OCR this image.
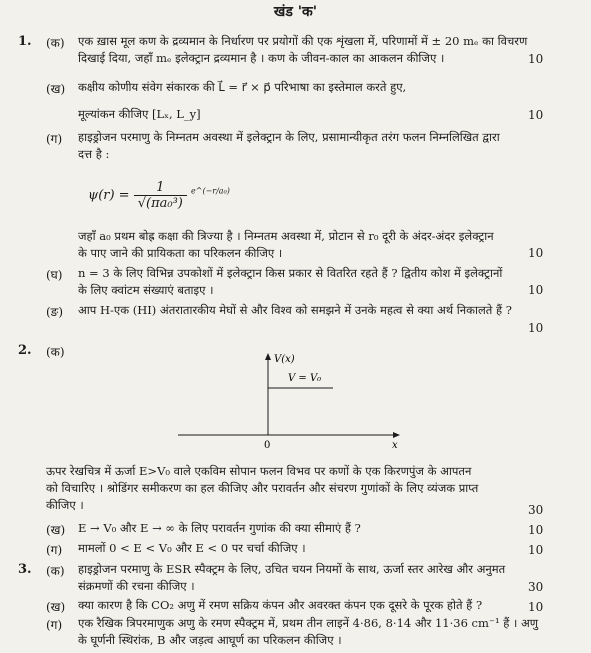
खंड 'क'
1. (क) एक ख़ास मूल कण के द्रव्यमान के निर्धारण पर प्रयोगों की एक शृंखला में, परिणामों में ± 20 mₑ का विचरण
दिखाई दिया, जहाँ mₑ इलेक्ट्रान द्रव्यमान है । कण के जीवन-काल का आकलन कीजिए ।	10
(ख) कक्षीय कोणीय संवेग संकारक की L⃗ = r⃗ × p⃗ परिभाषा का इस्तेमाल करते हुए,
मूल्यांकन कीजिए [Lₓ, L_y]	10
(ग) हाइड्रोजन परमाणु के निम्नतम अवस्था में इलेक्ट्रान के लिए, प्रसामान्यीकृत तरंग फलन निम्नलिखित द्वारा
दत्त है :
$\psi(r) = \frac{1}{\text{√(πa₀³)}} ^{e\^{}(-r/a_0)}$
जहाँ a₀ प्रथम बोह्र कक्षा की त्रिज्या है । निम्नतम अवस्था में, प्रोटान से r₀ दूरी के अंदर-अंदर इलेक्ट्रान
के पाए जाने की प्रायिकता का परिकलन कीजिए ।	10
(घ) n = 3 के लिए विभिन्न उपकोशों में इलेक्ट्रान किस प्रकार से वितरित रहते हैं ? द्वितीय कोश में इलेक्ट्रानों
के लिए क्वांटम संख्याएं बताइए ।	10
(ङ) आप H-एक (HI) अंतरातारकीय मेघों से और विश्व को समझने में उनके महत्व से क्या अर्थ निकालते हैं ?
10
2. (क)
V(x)
V = V₀
0	x
ऊपर रेखचित्र में ऊर्जा E>V₀ वाले एकविम सोपान फलन विभव पर कणों के एक किरणपुंज के आपतन
को विचारिए । श्रोडिंगर समीकरण का हल कीजिए और परावर्तन और संचरण गुणांकों के लिए व्यंजक प्राप्त
कीजिए ।	30
(ख) E → V₀ और E → ∞ के लिए परावर्तन गुणांक की क्या सीमाएं हैं ?	10
(ग) मामलों 0 < E < V₀ और E < 0 पर चर्चा कीजिए ।	10
3. (क) हाइड्रोजन परमाणु के ESR स्पैक्ट्रम के लिए, उचित चयन नियमों के साथ, ऊर्जा स्तर आरेख और अनुमत
संक्रमणों की रचना कीजिए ।	30
(ख) क्या कारण है कि CO₂ अणु में रमण सक्रिय कंपन और अवरक्त कंपन एक दूसरे के पूरक होते हैं ?	10
(ग) एक रैखिक त्रिपरमाणुक अणु के रमण स्पैक्ट्रम में, प्रथम तीन लाइनें 4·86, 8·14 और 11·36 cm⁻¹ हैं । अणु
के घूर्णनी स्थिरांक, B और जड़त्व आघूर्ण का परिकलन कीजिए ।
